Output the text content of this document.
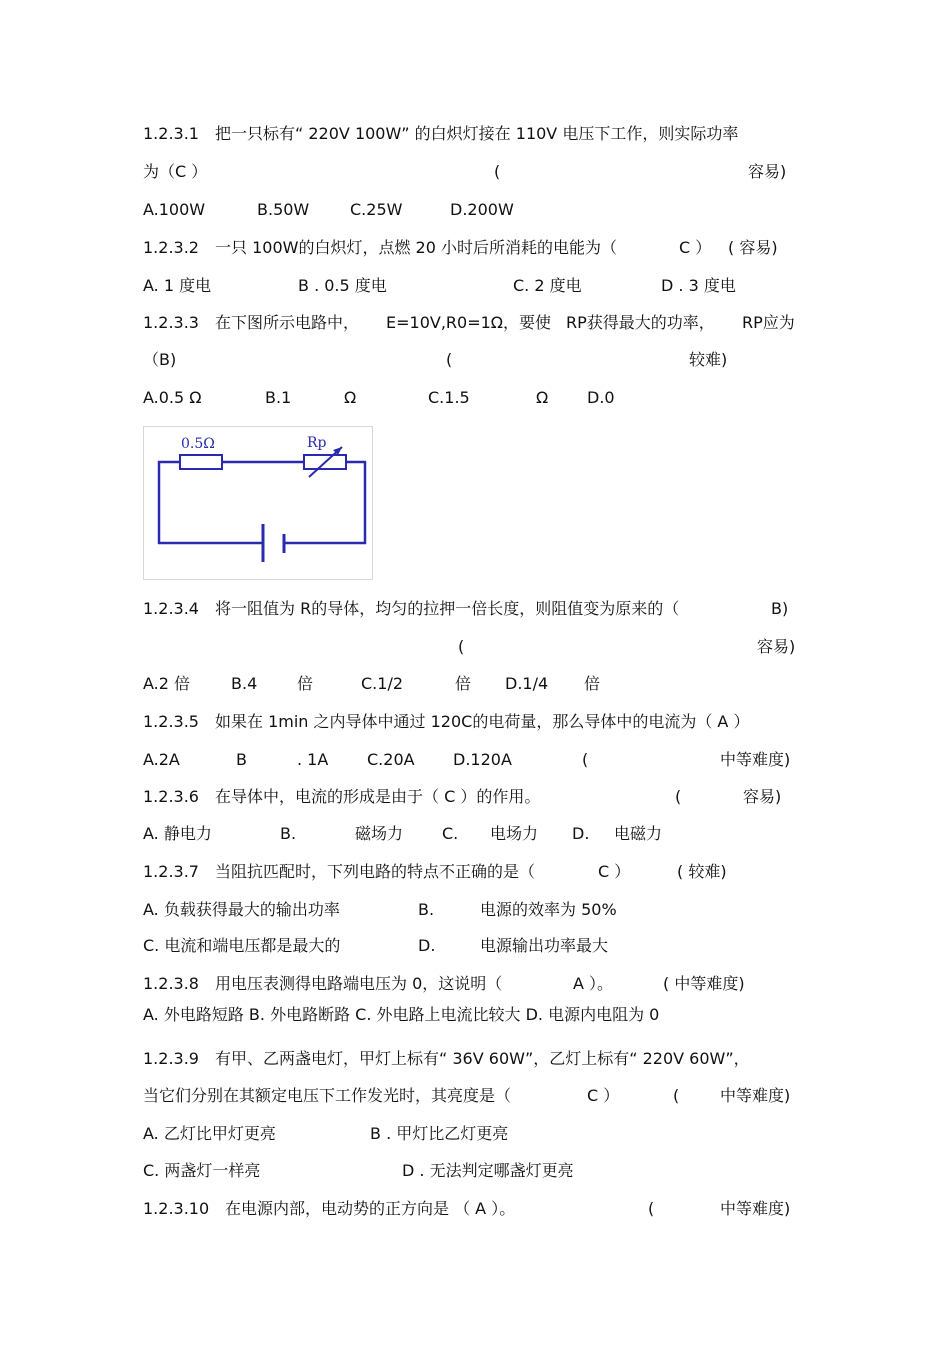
1.2.3.1 把一只标有“ 220V 100W” 的白炽灯接在 110V 电压下工作，则实际功率
为（C ）	(	容易)
A.100W	B.50W	C.25W	D.200W
1.2.3.2 一只 100W的白炽灯，点燃 20 小时后所消耗的电能为（	C ） ( 容易)
A. 1 度电	B . 0.5 度电	C. 2 度电	D . 3 度电
1.2.3.3 在下图所示电路中， E=10V,R0=1Ω，要使 RP获得最大的功率， RP应为
（B)	(	较难)
A.0.5 Ω	B.1	Ω	C.1.5	Ω D.0
0.5Ω	Rp
1.2.3.4 将一阻值为 R的导体，均匀的拉押一倍长度，则阻值变为原来的（	B)
(	容易)
A.2 倍	B.4 倍	C.1/2	倍 D.1/4 倍
1.2.3.5 如果在 1min 之内导体中通过 120C的电荷量，那么导体中的电流为（ A ）
A.2A	B	. 1A C.20A D.120A	(	中等难度)
1.2.3.6 在导体中，电流的形成是由于（ C ）的作用。	(	容易)
A. 静电力	B.	磁场力 C. 电场力 D. 电磁力
1.2.3.7 当阻抗匹配时，下列电路的特点不正确的是（	C ）	( 较难)
A. 负载获得最大的输出功率	B.	电源的效率为 50%
C. 电流和端电压都是最大的	D.	电源输出功率最大
1.2.3.8 用电压表测得电路端电压为 0，这说明（	A ）。	( 中等难度)
A. 外电路短路 B. 外电路断路 C. 外电路上电流比较大 D. 电源内电阻为 0
1.2.3.9 有甲、乙两盏电灯，甲灯上标有“ 36V 60W”，乙灯上标有“ 220V 60W”，
当它们分别在其额定电压下工作发光时，其亮度是（	C ）	(	中等难度)
A. 乙灯比甲灯更亮	B . 甲灯比乙灯更亮
C. 两盏灯一样亮	D . 无法判定哪盏灯更亮
1.2.3.10 在电源内部，电动势的正方向是 （ A ）。	(	中等难度)
